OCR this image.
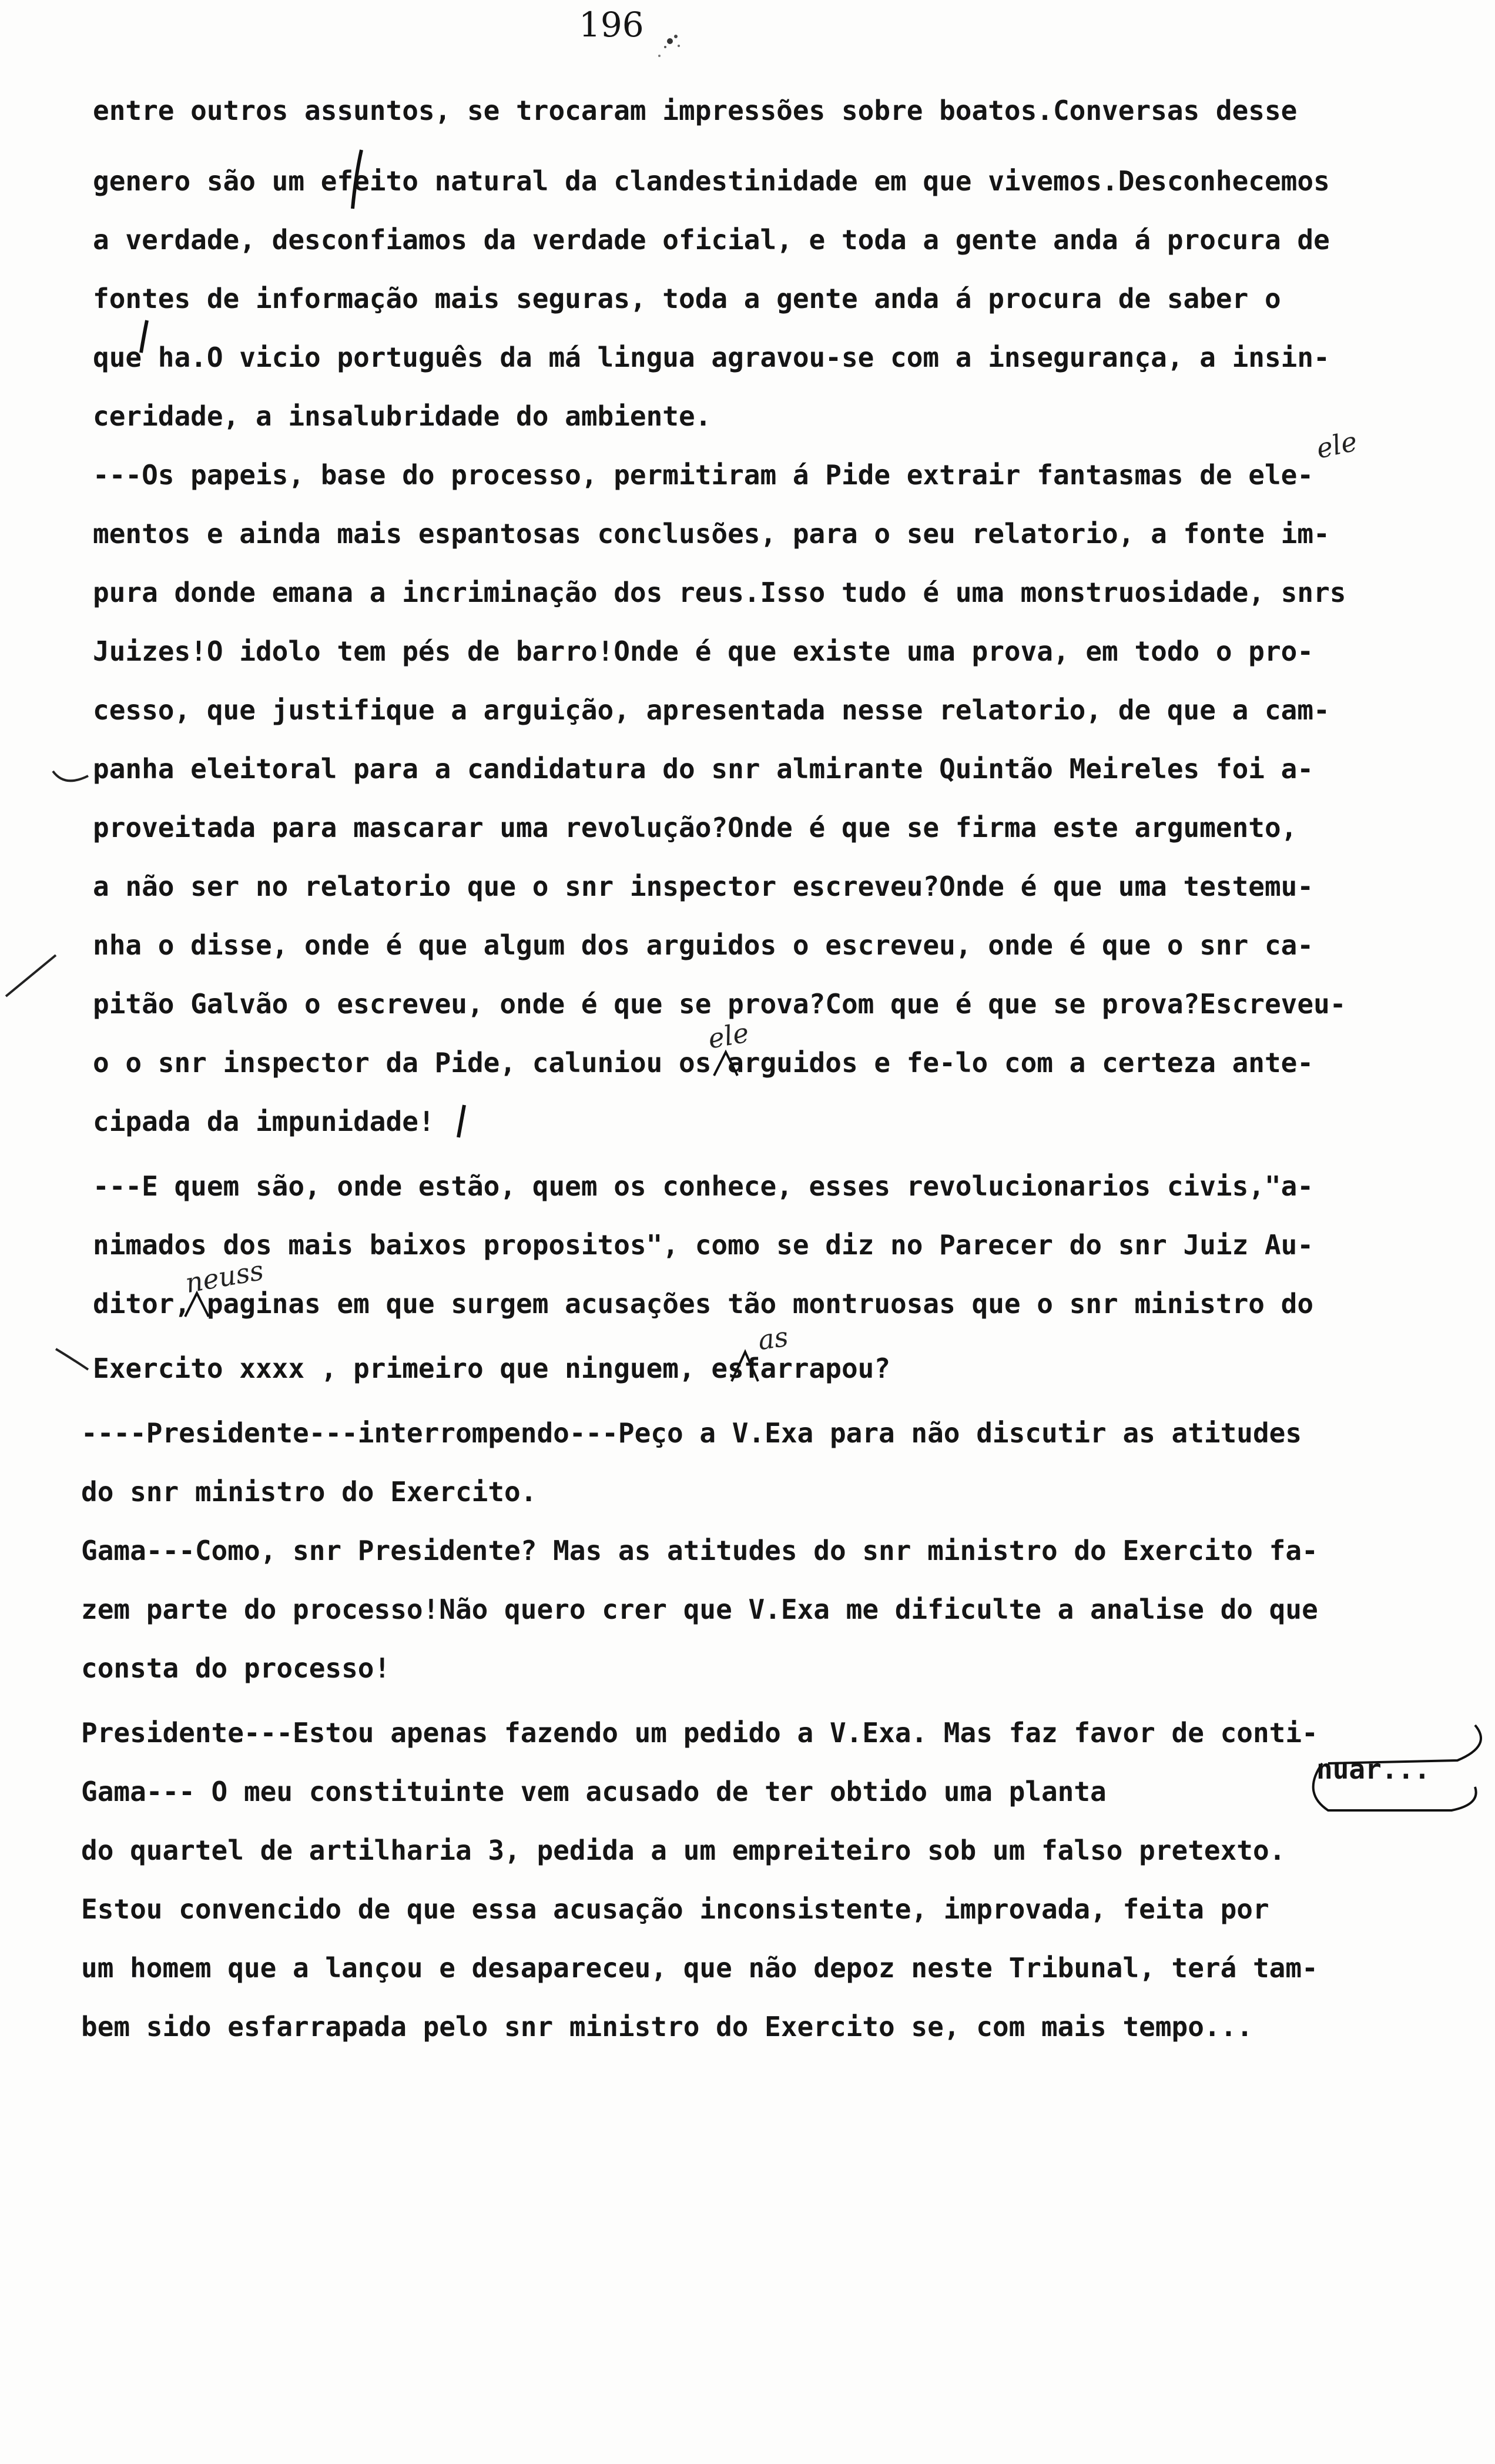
196
entre outros assuntos, se trocaram impressões sobre boatos.Conversas desse
genero são um efeito natural da clandestinidade em que vivemos.Desconhecemos
a verdade, desconfiamos da verdade oficial, e toda a gente anda á procura de
fontes de informação mais seguras, toda a gente anda á procura de saber o
que ha.O vicio português da má lingua agravou-se com a insegurança, a insin-
ceridade, a insalubridade do ambiente.
---Os papeis, base do processo, permitiram á Pide extrair fantasmas de ele-
mentos e ainda mais espantosas conclusões, para o seu relatorio, a fonte im-
pura donde emana a incriminação dos reus.Isso tudo é uma monstruosidade, snrs
Juizes!O idolo tem pés de barro!Onde é que existe uma prova, em todo o pro-
cesso, que justifique a arguição, apresentada nesse relatorio, de que a cam-
panha eleitoral para a candidatura do snr almirante Quintão Meireles foi a-
proveitada para mascarar uma revolução?Onde é que se firma este argumento,
a não ser no relatorio que o snr inspector escreveu?Onde é que uma testemu-
nha o disse, onde é que algum dos arguidos o escreveu, onde é que o snr ca-
pitão Galvão o escreveu, onde é que se prova?Com que é que se prova?Escreveu-
o o snr inspector da Pide, caluniou os arguidos e fe-lo com a certeza ante-
cipada da impunidade!
---E quem são, onde estão, quem os conhece, esses revolucionarios civis,"a-
nimados dos mais baixos propositos", como se diz no Parecer do snr Juiz Au-
ditor, paginas em que surgem acusações tão montruosas que o snr ministro do
Exercito xxxx , primeiro que ninguem, esfarrapou?
----Presidente---interrompendo---Peço a V.Exa para não discutir as atitudes
do snr ministro do Exercito.
Gama---Como, snr Presidente? Mas as atitudes do snr ministro do Exercito fa-
zem parte do processo!Não quero crer que V.Exa me dificulte a analise do que
consta do processo!
Presidente---Estou apenas fazendo um pedido a V.Exa. Mas faz favor de conti-
Gama--- O meu constituinte vem acusado de ter obtido uma planta
do quartel de artilharia 3, pedida a um empreiteiro sob um falso pretexto.
Estou convencido de que essa acusação inconsistente, improvada, feita por
um homem que a lançou e desapareceu, que não depoz neste Tribunal, terá tam-
bem sido esfarrapada pelo snr ministro do Exercito se, com mais tempo...
ele
ele
neuss
as
nuar...
